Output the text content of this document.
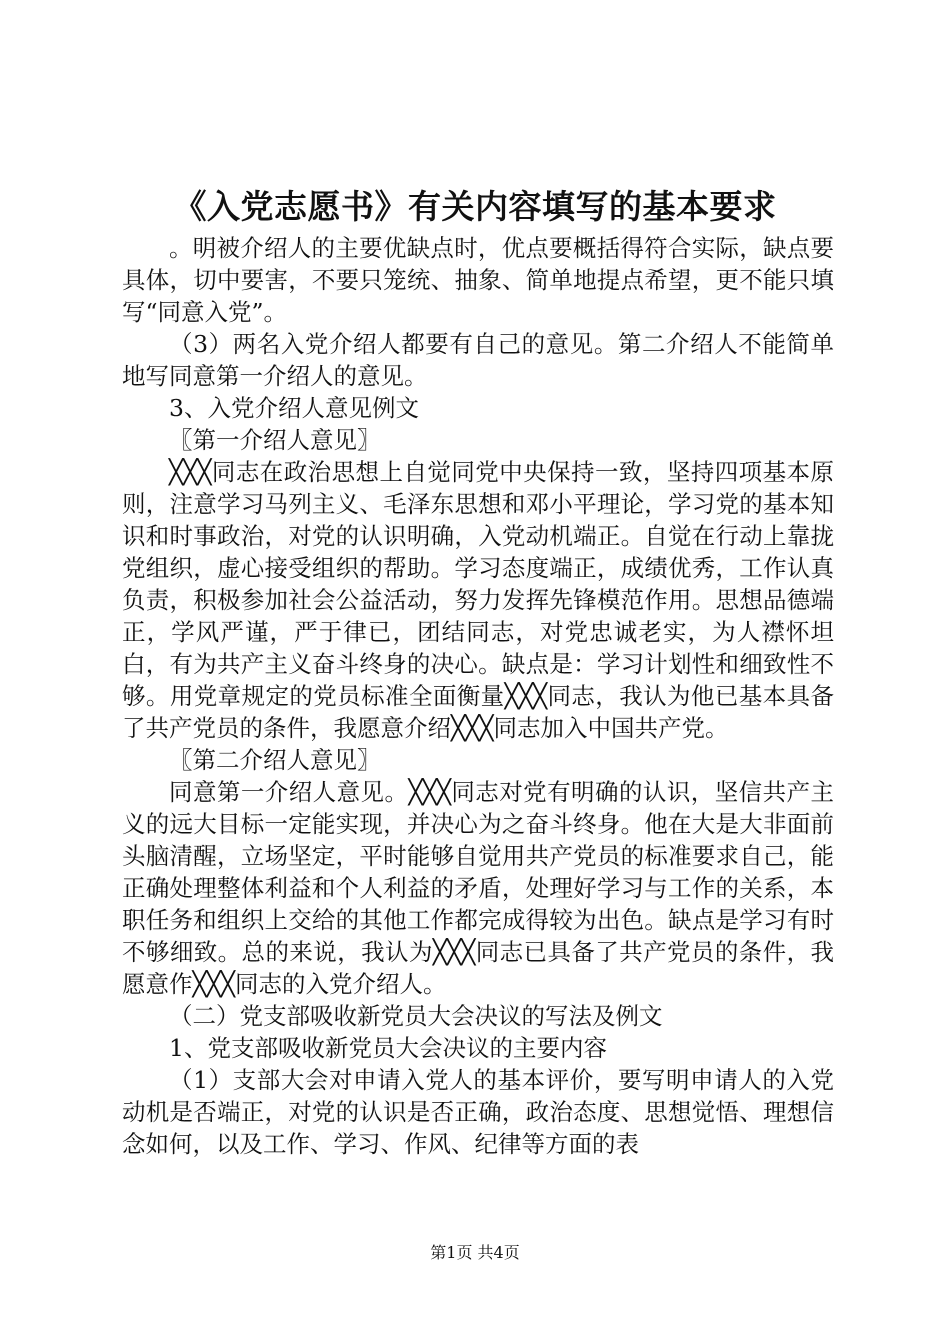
《入党志愿书》有关内容填写的基本要求

。明被介绍人的主要优缺点时，优点要概括得符合实际，缺点要具体，切中要害，不要只笼统、抽象、简单地提点希望，更不能只填写“同意入党”。

（3）两名入党介绍人都要有自己的意见。第二介绍人不能简单地写同意第一介绍人的意见。

3、入党介绍人意见例文

〖第一介绍人意见〗

╳╳╳同志在政治思想上自觉同党中央保持一致，坚持四项基本原则，注意学习马列主义、毛泽东思想和邓小平理论，学习党的基本知识和时事政治，对党的认识明确，入党动机端正。自觉在行动上靠拢党组织，虚心接受组织的帮助。学习态度端正，成绩优秀，工作认真负责，积极参加社会公益活动，努力发挥先锋模范作用。思想品德端正，学风严谨，严于律已，团结同志，对党忠诚老实，为人襟怀坦白，有为共产主义奋斗终身的决心。缺点是：学习计划性和细致性不够。用党章规定的党员标准全面衡量╳╳╳同志，我认为他已基本具备了共产党员的条件，我愿意介绍╳╳╳同志加入中国共产党。

〖第二介绍人意见〗

同意第一介绍人意见。╳╳╳同志对党有明确的认识，坚信共产主义的远大目标一定能实现，并决心为之奋斗终身。他在大是大非面前头脑清醒，立场坚定，平时能够自觉用共产党员的标准要求自己，能正确处理整体利益和个人利益的矛盾，处理好学习与工作的关系，本职任务和组织上交给的其他工作都完成得较为出色。缺点是学习有时不够细致。总的来说，我认为╳╳╳同志已具备了共产党员的条件，我愿意作╳╳╳同志的入党介绍人。

（二）党支部吸收新党员大会决议的写法及例文

1、党支部吸收新党员大会决议的主要内容

（1）支部大会对申请入党人的基本评价，要写明申请人的入党动机是否端正，对党的认识是否正确，政治态度、思想觉悟、理想信念如何，以及工作、学习、作风、纪律等方面的表

第1页 共4页
